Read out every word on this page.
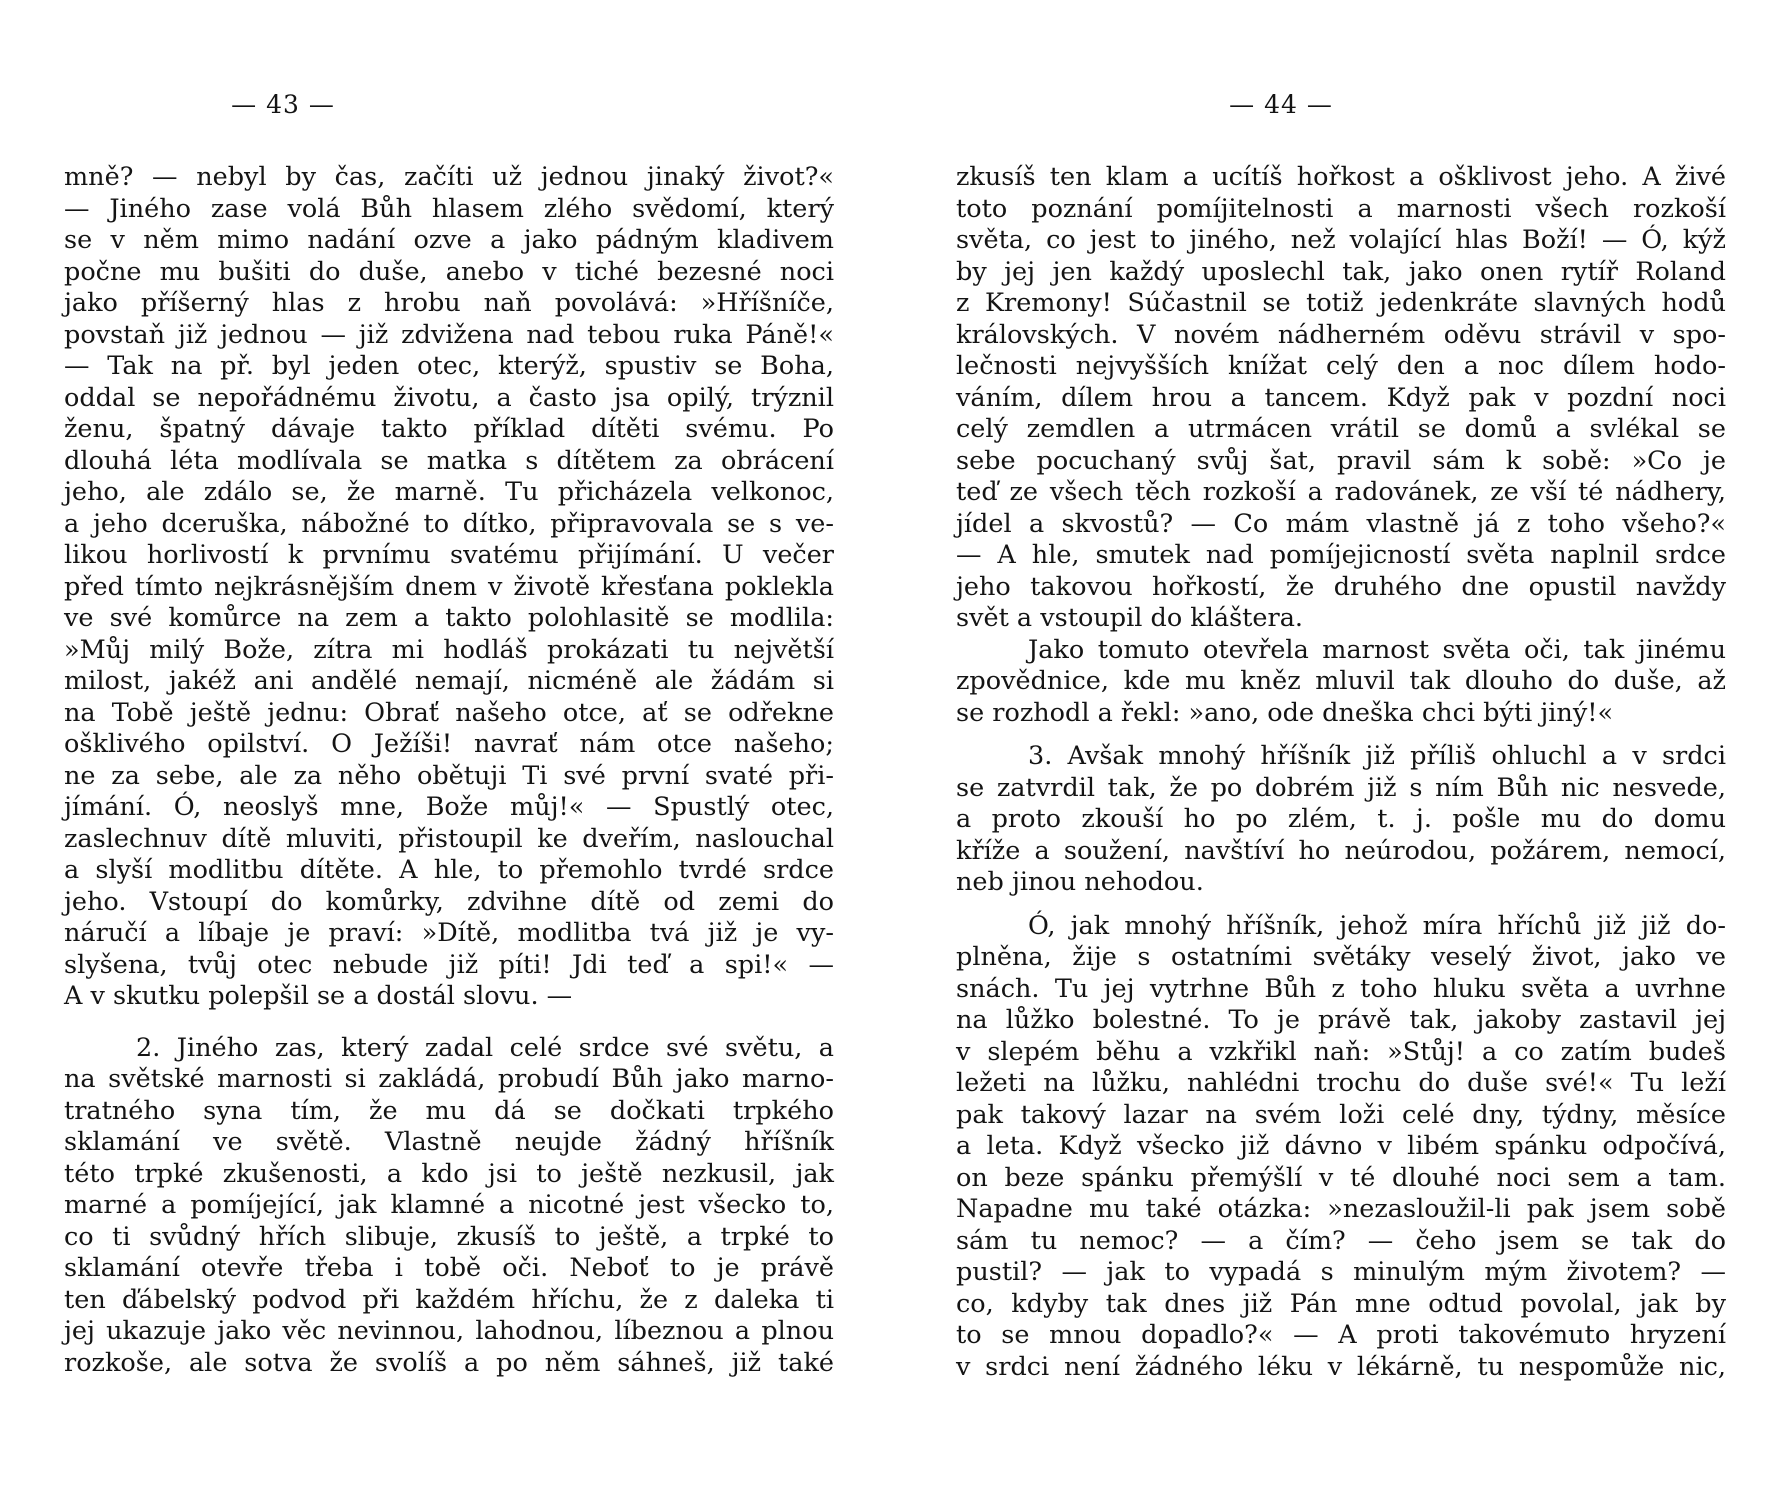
— 43 —
mně? — nebyl by čas, začíti už jednou jinaký život?«
— Jiného zase volá Bůh hlasem zlého svědomí, který
se v něm mimo nadání ozve a jako pádným kladivem
počne mu bušiti do duše, anebo v tiché bezesné noci
jako příšerný hlas z hrobu naň povolává: »Hříšníče,
povstaň již jednou — již zdvižena nad tebou ruka Páně!«
— Tak na př. byl jeden otec, kterýž, spustiv se Boha,
oddal se nepořádnému životu, a často jsa opilý, trýznil
ženu, špatný dávaje takto příklad dítěti svému. Po
dlouhá léta modlívala se matka s dítětem za obrácení
jeho, ale zdálo se, že marně. Tu přicházela velkonoc,
a jeho dceruška, nábožné to dítko, připravovala se s ve-
likou horlivostí k prvnímu svatému přijímání. U večer
před tímto nejkrásnějším dnem v životě křesťana poklekla
ve své komůrce na zem a takto polohlasitě se modlila:
»Můj milý Bože, zítra mi hodláš prokázati tu největší
milost, jakéž ani andělé nemají, nicméně ale žádám si
na Tobě ještě jednu: Obrať našeho otce, ať se odřekne
ošklivého opilství. O Ježíši! navrať nám otce našeho;
ne za sebe, ale za něho obětuji Ti své první svaté při-
jímání. Ó, neoslyš mne, Bože můj!« — Spustlý otec,
zaslechnuv dítě mluviti, přistoupil ke dveřím, naslouchal
a slyší modlitbu dítěte. A hle, to přemohlo tvrdé srdce
jeho. Vstoupí do komůrky, zdvihne dítě od zemi do
náručí a líbaje je praví: »Dítě, modlitba tvá již je vy-
slyšena, tvůj otec nebude již píti! Jdi teď a spi!« —
A v skutku polepšil se a dostál slovu. —
2. Jiného zas, který zadal celé srdce své světu, a
na světské marnosti si zakládá, probudí Bůh jako marno-
tratného syna tím, že mu dá se dočkati trpkého
sklamání ve světě. Vlastně neujde žádný hříšník
této trpké zkušenosti, a kdo jsi to ještě nezkusil, jak
marné a pomíjející, jak klamné a nicotné jest všecko to,
co ti svůdný hřích slibuje, zkusíš to ještě, a trpké to
sklamání otevře třeba i tobě oči. Neboť to je právě
ten ďábelský podvod při každém hříchu, že z daleka ti
jej ukazuje jako věc nevinnou, lahodnou, líbeznou a plnou
rozkoše, ale sotva že svolíš a po něm sáhneš, již také
— 44 —
zkusíš ten klam a ucítíš hořkost a ošklivost jeho. A živé
toto poznání pomíjitelnosti a marnosti všech rozkoší
světa, co jest to jiného, než volající hlas Boží! — Ó, kýž
by jej jen každý uposlechl tak, jako onen rytíř Roland
z Kremony! Súčastnil se totiž jedenkráte slavných hodů
královských. V novém nádherném oděvu strávil v spo-
lečnosti nejvyšších knížat celý den a noc dílem hodo-
váním, dílem hrou a tancem. Když pak v pozdní noci
celý zemdlen a utrmácen vrátil se domů a svlékal se
sebe pocuchaný svůj šat, pravil sám k sobě: »Co je
teď ze všech těch rozkoší a radovánek, ze vší té nádhery,
jídel a skvostů? — Co mám vlastně já z toho všeho?«
— A hle, smutek nad pomíjejicností světa naplnil srdce
jeho takovou hořkostí, že druhého dne opustil navždy
svět a vstoupil do kláštera.
Jako tomuto otevřela marnost světa oči, tak jinému
zpovědnice, kde mu kněz mluvil tak dlouho do duše, až
se rozhodl a řekl: »ano, ode dneška chci býti jiný!«
3. Avšak mnohý hříšník již příliš ohluchl a v srdci
se zatvrdil tak, že po dobrém již s ním Bůh nic nesvede,
a proto zkouší ho po zlém, t. j. pošle mu do domu
kříže a soužení, navštíví ho neúrodou, požárem, nemocí,
neb jinou nehodou.
Ó, jak mnohý hříšník, jehož míra hříchů již již do-
plněna, žije s ostatními světáky veselý život, jako ve
snách. Tu jej vytrhne Bůh z toho hluku světa a uvrhne
na lůžko bolestné. To je právě tak, jakoby zastavil jej
v slepém běhu a vzkřikl naň: »Stůj! a co zatím budeš
ležeti na lůžku, nahlédni trochu do duše své!« Tu leží
pak takový lazar na svém loži celé dny, týdny, měsíce
a leta. Když všecko již dávno v libém spánku odpočívá,
on beze spánku přemýšlí v té dlouhé noci sem a tam.
Napadne mu také otázka: »nezasloužil-li pak jsem sobě
sám tu nemoc? — a čím? — čeho jsem se tak do
pustil? — jak to vypadá s minulým mým životem? —
co, kdyby tak dnes již Pán mne odtud povolal, jak by
to se mnou dopadlo?« — A proti takovémuto hryzení
v srdci není žádného léku v lékárně, tu nespomůže nic,
